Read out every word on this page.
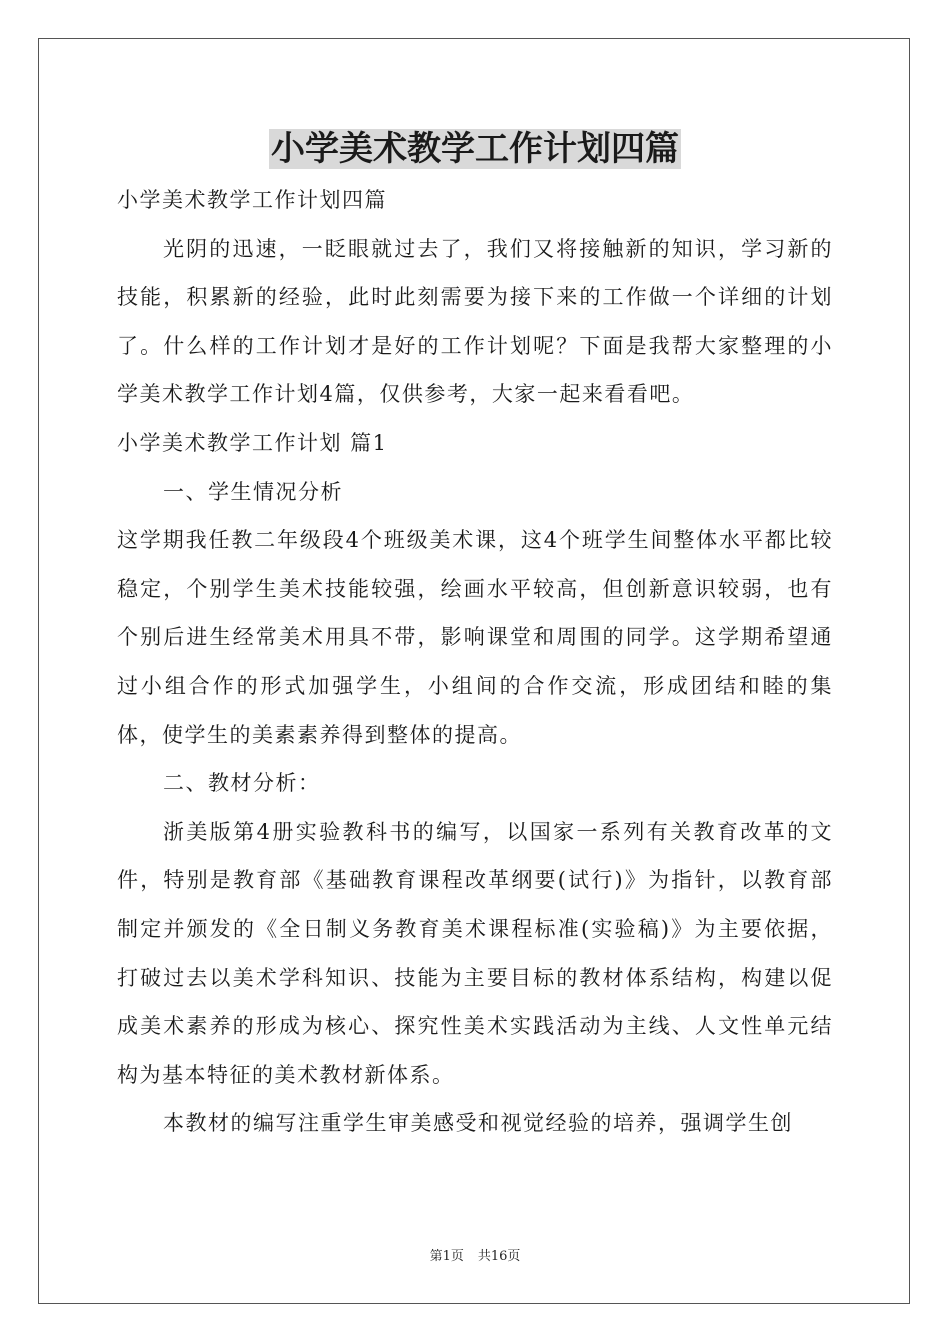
小学美术教学工作计划四篇

小学美术教学工作计划四篇

光阴的迅速，一眨眼就过去了，我们又将接触新的知识，学习新的技能，积累新的经验，此时此刻需要为接下来的工作做一个详细的计划了。什么样的工作计划才是好的工作计划呢？下面是我帮大家整理的小学美术教学工作计划4篇，仅供参考，大家一起来看看吧。

小学美术教学工作计划 篇1

一、学生情况分析

这学期我任教二年级段4个班级美术课，这4个班学生间整体水平都比较稳定，个别学生美术技能较强，绘画水平较高，但创新意识较弱，也有个别后进生经常美术用具不带，影响课堂和周围的同学。这学期希望通过小组合作的形式加强学生，小组间的合作交流，形成团结和睦的集体，使学生的美素素养得到整体的提高。

二、教材分析：

浙美版第4册实验教科书的编写，以国家一系列有关教育改革的文件，特别是教育部《基础教育课程改革纲要(试行)》为指针，以教育部制定并颁发的《全日制义务教育美术课程标准(实验稿)》为主要依据，打破过去以美术学科知识、技能为主要目标的教材体系结构，构建以促成美术素养的形成为核心、探究性美术实践活动为主线、人文性单元结构为基本特征的美术教材新体系。

本教材的编写注重学生审美感受和视觉经验的培养，强调学生创

第1页 共16页
